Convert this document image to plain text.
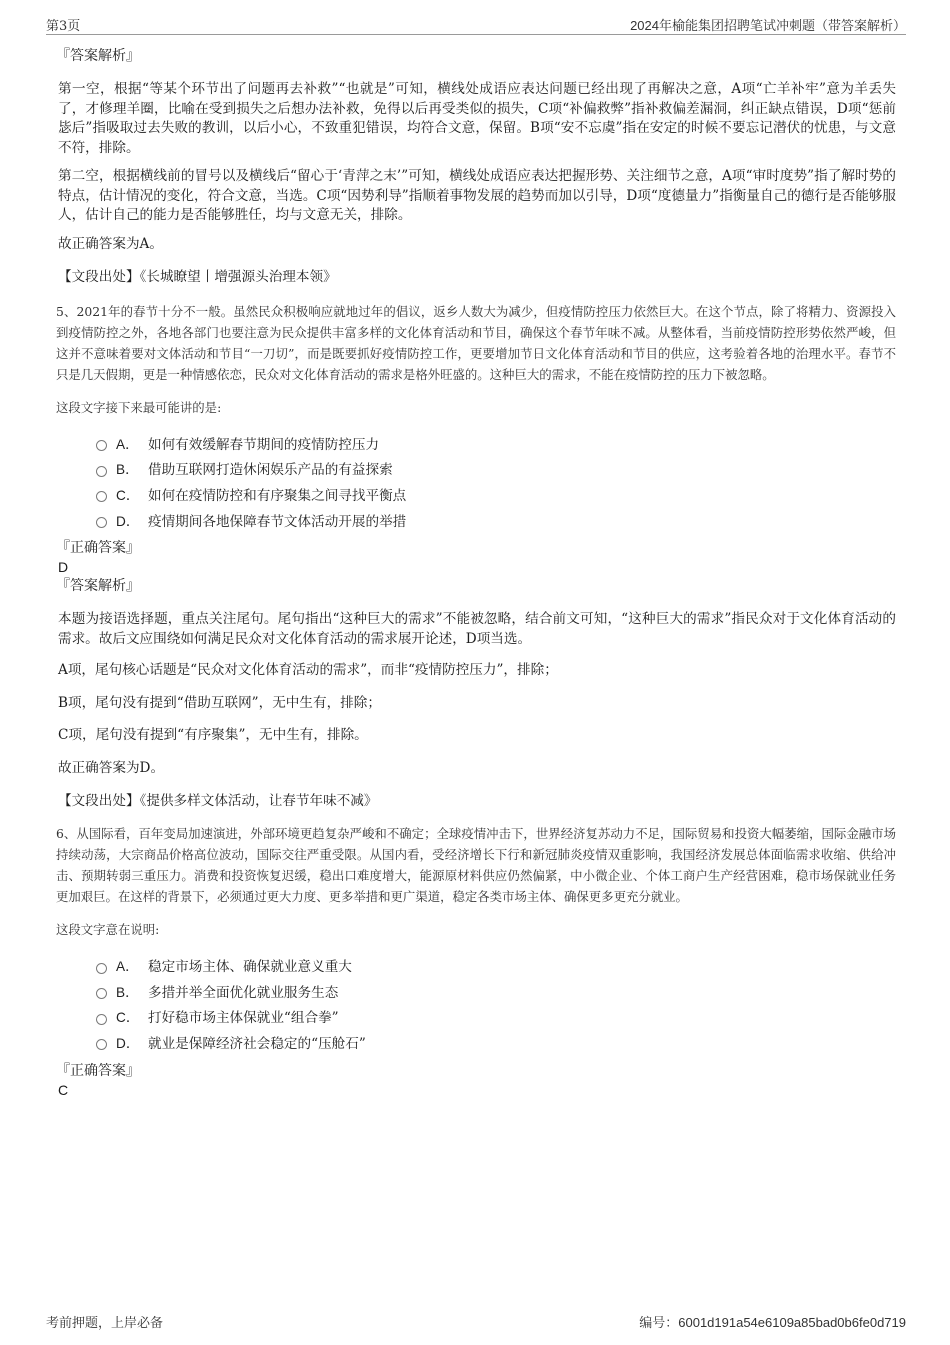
第3页	2024年榆能集团招聘笔试冲刺题（带答案解析）
『答案解析』

第一空，根据“等某个环节出了问题再去补救”“也就是”可知，横线处成语应表达问题已经出现了再解决之意，A项“亡羊补牢”意为羊丢失了，才修理羊圈，比喻在受到损失之后想办法补救，免得以后再受类似的损失，C项“补偏救弊”指补救偏差漏洞，纠正缺点错误，D项“惩前毖后”指吸取过去失败的教训，以后小心，不致重犯错误，均符合文意，保留。B项“安不忘虞”指在安定的时候不要忘记潜伏的忧患，与文意不符，排除。

第二空，根据横线前的冒号以及横线后“留心于‘青萍之末’”可知，横线处成语应表达把握形势、关注细节之意，A项“审时度势”指了解时势的特点，估计情况的变化，符合文意，当选。C项“因势利导”指顺着事物发展的趋势而加以引导，D项“度德量力”指衡量自己的德行是否能够服人，估计自己的能力是否能够胜任，均与文意无关，排除。

故正确答案为A。

【文段出处】《长城瞭望丨增强源头治理本领》

5、2021年的春节十分不一般。虽然民众积极响应就地过年的倡议，返乡人数大为减少，但疫情防控压力依然巨大。在这个节点，除了将精力、资源投入到疫情防控之外，各地各部门也要注意为民众提供丰富多样的文化体育活动和节目，确保这个春节年味不减。从整体看，当前疫情防控形势依然严峻，但这并不意味着要对文体活动和节目“一刀切”，而是既要抓好疫情防控工作，更要增加节日文化体育活动和节目的供应，这考验着各地的治理水平。春节不只是几天假期，更是一种情感依恋，民众对文化体育活动的需求是格外旺盛的。这种巨大的需求，不能在疫情防控的压力下被忽略。

这段文字接下来最可能讲的是:

A． 如何有效缓解春节期间的疫情防控压力
B． 借助互联网打造休闲娱乐产品的有益探索
C． 如何在疫情防控和有序聚集之间寻找平衡点
D． 疫情期间各地保障春节文体活动开展的举措
『正确答案』
D
『答案解析』

本题为接语选择题，重点关注尾句。尾句指出“这种巨大的需求”不能被忽略，结合前文可知，“这种巨大的需求”指民众对于文化体育活动的需求。故后文应围绕如何满足民众对文化体育活动的需求展开论述，D项当选。

A项，尾句核心话题是“民众对文化体育活动的需求”，而非“疫情防控压力”，排除；

B项，尾句没有提到“借助互联网”，无中生有，排除；

C项，尾句没有提到“有序聚集”，无中生有，排除。

故正确答案为D。

【文段出处】《提供多样文体活动，让春节年味不减》

6、从国际看，百年变局加速演进，外部环境更趋复杂严峻和不确定；全球疫情冲击下，世界经济复苏动力不足，国际贸易和投资大幅萎缩，国际金融市场持续动荡，大宗商品价格高位波动，国际交往严重受限。从国内看，受经济增长下行和新冠肺炎疫情双重影响，我国经济发展总体面临需求收缩、供给冲击、预期转弱三重压力。消费和投资恢复迟缓，稳出口难度增大，能源原材料供应仍然偏紧，中小微企业、个体工商户生产经营困难，稳市场保就业任务更加艰巨。在这样的背景下，必须通过更大力度、更多举措和更广渠道，稳定各类市场主体、确保更多更充分就业。

这段文字意在说明:

A． 稳定市场主体、确保就业意义重大
B． 多措并举全面优化就业服务生态
C． 打好稳市场主体保就业“组合拳”
D． 就业是保障经济社会稳定的“压舱石”
『正确答案』
C
考前押题，上岸必备	编号：6001d191a54e6109a85bad0b6fe0d719
